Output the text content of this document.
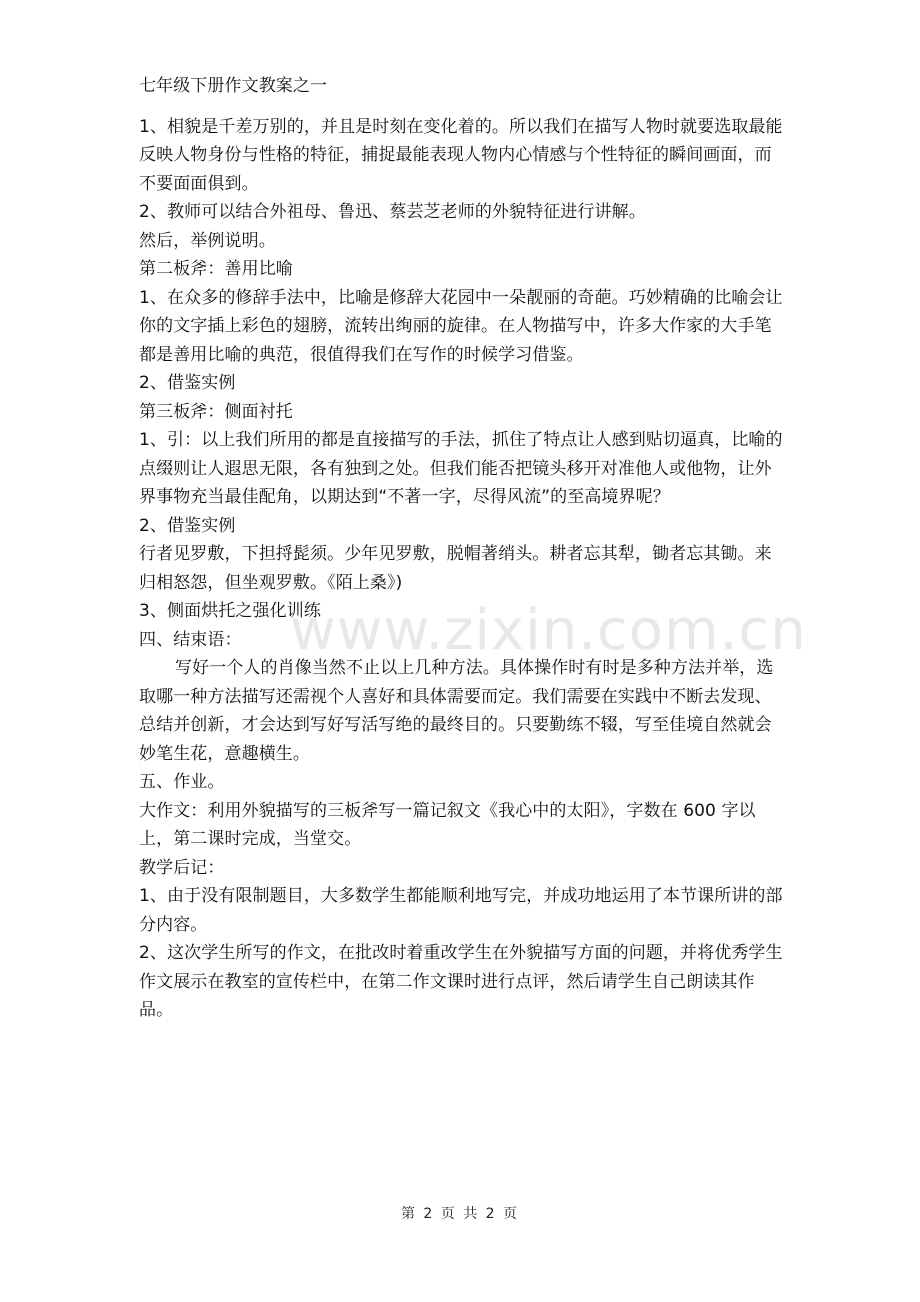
七年级下册作文教案之一

1、相貌是千差万别的，并且是时刻在变化着的。所以我们在描写人物时就要选取最能反映人物身份与性格的特征，捕捉最能表现人物内心情感与个性特征的瞬间画面，而不要面面俱到。

2、教师可以结合外祖母、鲁迅、蔡芸芝老师的外貌特征进行讲解。

然后，举例说明。

第二板斧：善用比喻

1、在众多的修辞手法中，比喻是修辞大花园中一朵靓丽的奇葩。巧妙精确的比喻会让你的文字插上彩色的翅膀，流转出绚丽的旋律。在人物描写中，许多大作家的大手笔都是善用比喻的典范，很值得我们在写作的时候学习借鉴。

2、借鉴实例

第三板斧：侧面衬托

1、引：以上我们所用的都是直接描写的手法，抓住了特点让人感到贴切逼真，比喻的点缀则让人遐思无限，各有独到之处。但我们能否把镜头移开对准他人或他物，让外界事物充当最佳配角，以期达到“不著一字，尽得风流”的至高境界呢？

2、借鉴实例

行者见罗敷，下担捋髭须。少年见罗敷，脱帽著绡头。耕者忘其犁，锄者忘其锄。来归相怒怨，但坐观罗敷。《陌上桑》)

3、侧面烘托之强化训练

四、结束语：

写好一个人的肖像当然不止以上几种方法。具体操作时有时是多种方法并举，选取哪一种方法描写还需视个人喜好和具体需要而定。我们需要在实践中不断去发现、总结并创新，才会达到写好写活写绝的最终目的。只要勤练不辍，写至佳境自然就会妙笔生花，意趣横生。

五、作业。

大作文：利用外貌描写的三板斧写一篇记叙文《我心中的太阳》，字数在 600 字以上，第二课时完成，当堂交。

教学后记：

1、由于没有限制题目，大多数学生都能顺利地写完，并成功地运用了本节课所讲的部分内容。

2、这次学生所写的作文，在批改时着重改学生在外貌描写方面的问题，并将优秀学生作文展示在教室的宣传栏中，在第二作文课时进行点评，然后请学生自己朗读其作品。

www.zixin.com.cn
第 2 页 共 2 页
